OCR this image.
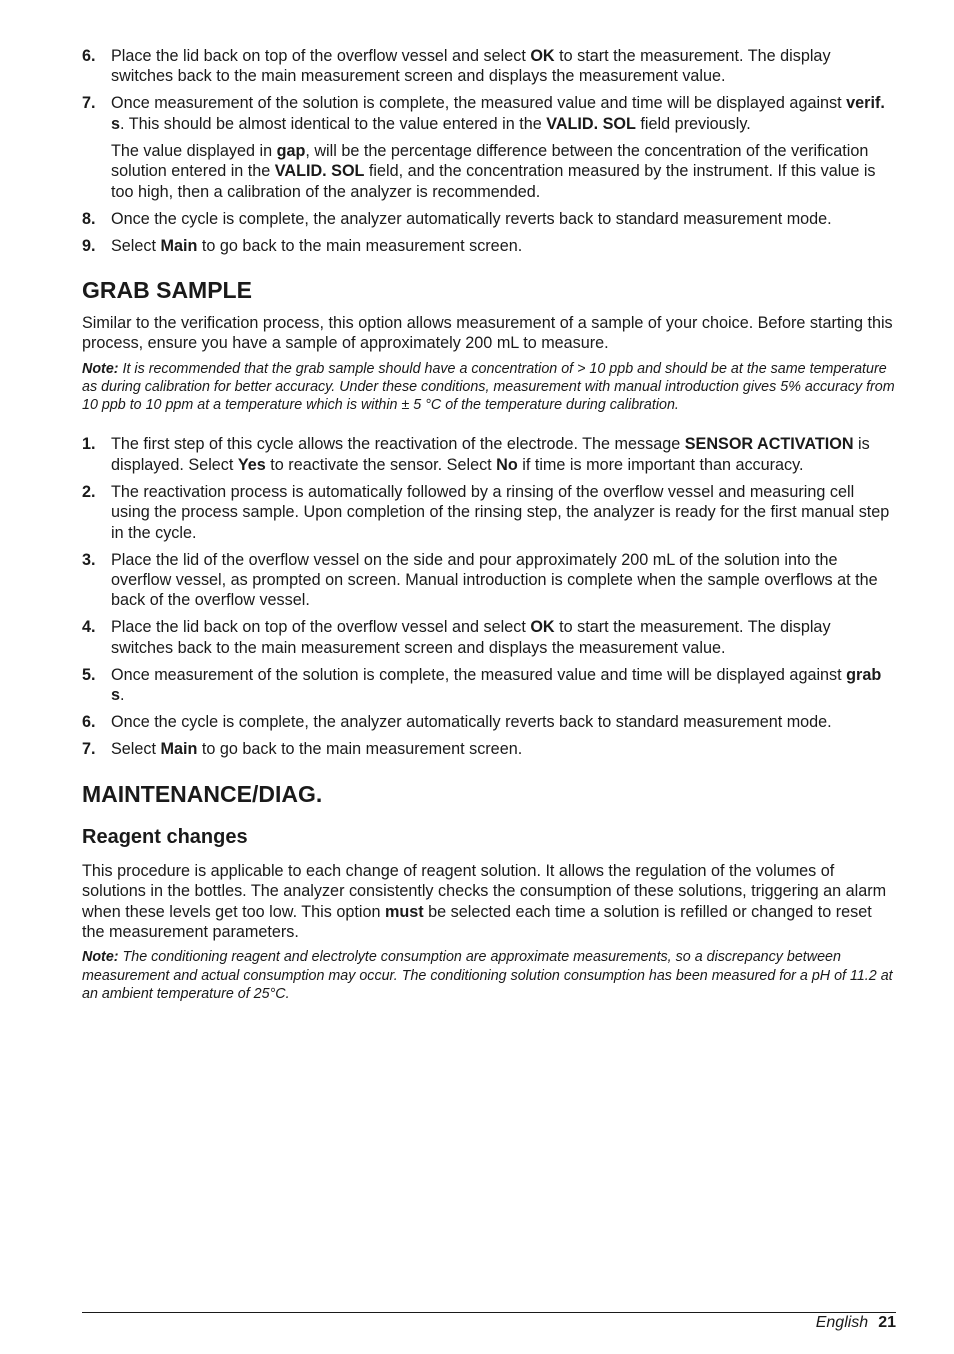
6. Place the lid back on top of the overflow vessel and select OK to start the measurement. The display switches back to the main measurement screen and displays the measurement value.

7. Once measurement of the solution is complete, the measured value and time will be displayed against verif. s. This should be almost identical to the value entered in the VALID. SOL field previously.

The value displayed in gap, will be the percentage difference between the concentration of the verification solution entered in the VALID. SOL field, and the concentration measured by the instrument. If this value is too high, then a calibration of the analyzer is recommended.

8. Once the cycle is complete, the analyzer automatically reverts back to standard measurement mode.

9. Select Main to go back to the main measurement screen.

GRAB SAMPLE

Similar to the verification process, this option allows measurement of a sample of your choice. Before starting this process, ensure you have a sample of approximately 200 mL to measure.

Note: It is recommended that the grab sample should have a concentration of > 10 ppb and should be at the same temperature as during calibration for better accuracy. Under these conditions, measurement with manual introduction gives 5% accuracy from 10 ppb to 10 ppm at a temperature which is within ± 5 °C of the temperature during calibration.

1. The first step of this cycle allows the reactivation of the electrode. The message SENSOR ACTIVATION is displayed. Select Yes to reactivate the sensor. Select No if time is more important than accuracy.

2. The reactivation process is automatically followed by a rinsing of the overflow vessel and measuring cell using the process sample. Upon completion of the rinsing step, the analyzer is ready for the first manual step in the cycle.

3. Place the lid of the overflow vessel on the side and pour approximately 200 mL of the solution into the overflow vessel, as prompted on screen. Manual introduction is complete when the sample overflows at the back of the overflow vessel.

4. Place the lid back on top of the overflow vessel and select OK to start the measurement. The display switches back to the main measurement screen and displays the measurement value.

5. Once measurement of the solution is complete, the measured value and time will be displayed against grab s.

6. Once the cycle is complete, the analyzer automatically reverts back to standard measurement mode.

7. Select Main to go back to the main measurement screen.

MAINTENANCE/DIAG.
Reagent changes

This procedure is applicable to each change of reagent solution. It allows the regulation of the volumes of solutions in the bottles. The analyzer consistently checks the consumption of these solutions, triggering an alarm when these levels get too low. This option must be selected each time a solution is refilled or changed to reset the measurement parameters.

Note: The conditioning reagent and electrolyte consumption are approximate measurements, so a discrepancy between measurement and actual consumption may occur. The conditioning solution consumption has been measured for a pH of 11.2 at an ambient temperature of 25°C.

English 21
